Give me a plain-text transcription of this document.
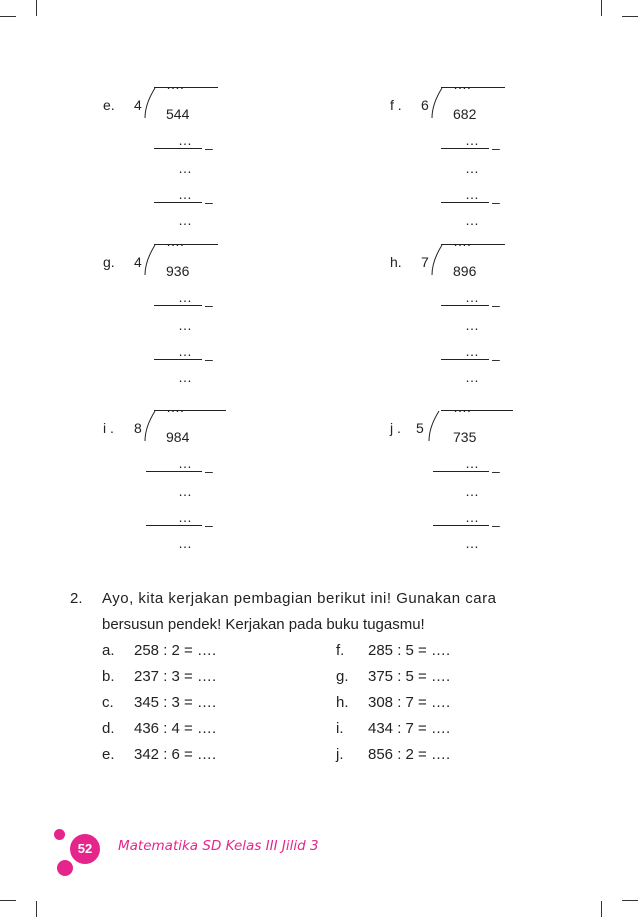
e. 4
….
544
… –
…
… –
…
f . 6
….
682
… –
…
… –
…
g. 4
….
936
… –
…
… –
…
h. 7
….
896
… –
…
… –
…
i . 8
….
984
… –
…
… –
…
j . 5
….
735
… –
…
… –
…
2. Ayo, kita kerjakan pembagian berikut ini! Gunakan cara
bersusun pendek! Kerjakan pada buku tugasmu!
a. 258 : 2 = ….
b. 237 : 3 = ….
c. 345 : 3 = ….
d. 436 : 4 = ….
e. 342 : 6 = ….
f. 285 : 5 = ….
g. 375 : 5 = ….
h. 308 : 7 = ….
i. 434 : 7 = ….
j. 856 : 2 = ….
52	Matematika SD Kelas III Jilid 3
